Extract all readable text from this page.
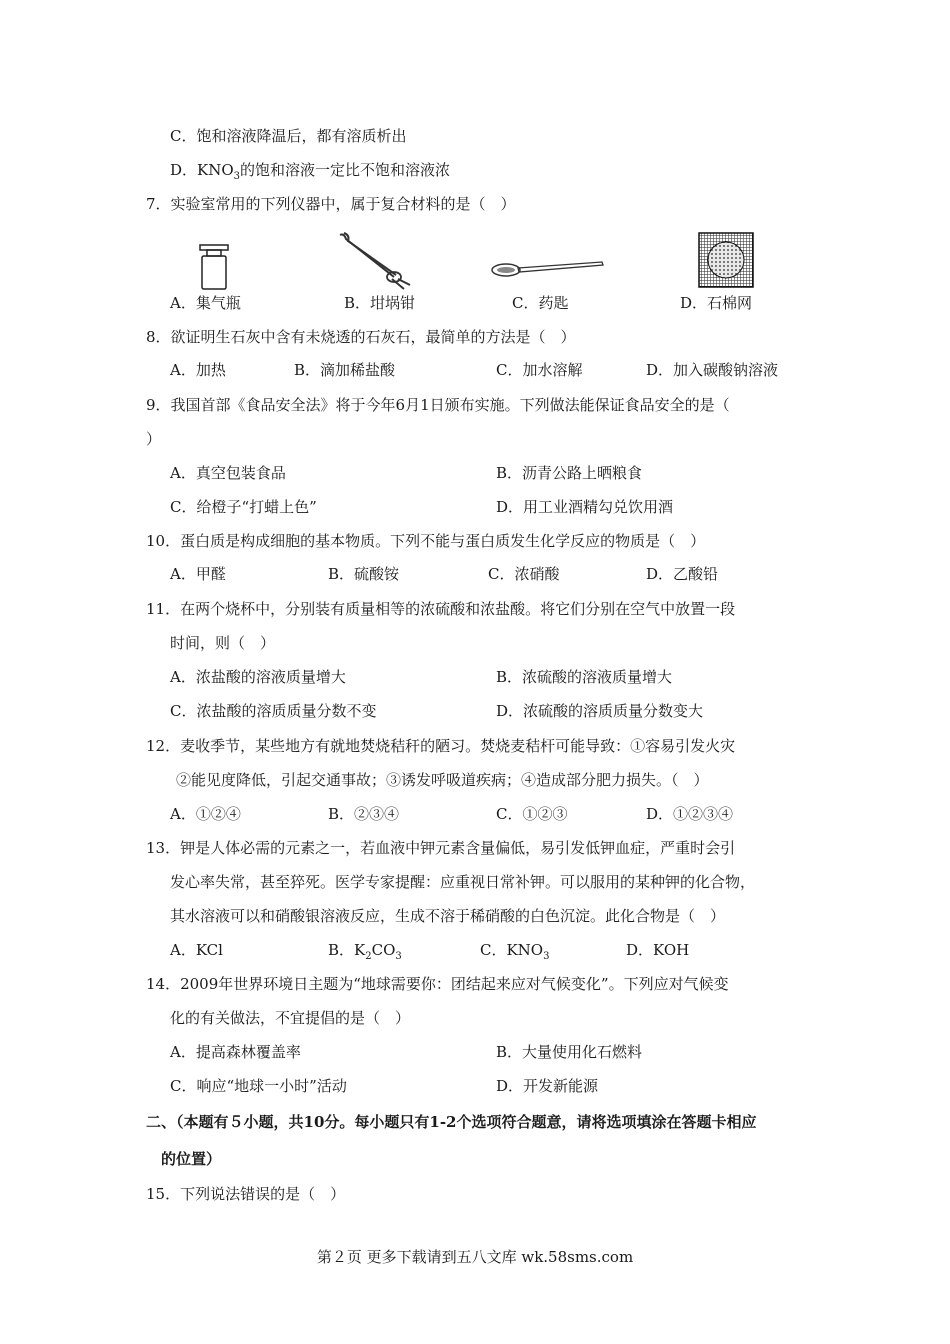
C．饱和溶液降温后，都有溶质析出
D．$KNO_3$的饱和溶液一定比不饱和溶液浓
7．实验室常用的下列仪器中，属于复合材料的是（　）
A．集气瓶	B．坩埚钳	C．药匙	D．石棉网
8．欲证明生石灰中含有未烧透的石灰石，最简单的方法是（　）
A．加热	B．滴加稀盐酸	C．加水溶解	D．加入碳酸钠溶液
9．我国首部《食品安全法》将于今年6月1日颁布实施。下列做法能保证食品安全的是（
）
A．真空包装食品	B．沥青公路上晒粮食
C．给橙子“打蜡上色”	D．用工业酒精勾兑饮用酒
10．蛋白质是构成细胞的基本物质。下列不能与蛋白质发生化学反应的物质是（　）
A．甲醛	B．硫酸铵	C．浓硝酸	D．乙酸铅
11．在两个烧杯中，分别装有质量相等的浓硫酸和浓盐酸。将它们分别在空气中放置一段
时间，则（　）
A．浓盐酸的溶液质量增大	B．浓硫酸的溶液质量增大
C．浓盐酸的溶质质量分数不变	D．浓硫酸的溶质质量分数变大
12．麦收季节，某些地方有就地焚烧秸秆的陋习。焚烧麦秸杆可能导致：①容易引发火灾
②能见度降低，引起交通事故；③诱发呼吸道疾病；④造成部分肥力损失。（　）
A．①②④	B．②③④	C．①②③	D．①②③④
13．钾是人体必需的元素之一，若血液中钾元素含量偏低，易引发低钾血症，严重时会引
发心率失常，甚至猝死。医学专家提醒：应重视日常补钾。可以服用的某种钾的化合物，
其水溶液可以和硝酸银溶液反应，生成不溶于稀硝酸的白色沉淀。此化合物是（　）
A．KCl	B．$K_2CO_3$	C．$KNO_3$	D．KOH
14．2009年世界环境日主题为“地球需要你：团结起来应对气候变化”。下列应对气候变
化的有关做法，不宜提倡的是（　）
A．提高森林覆盖率	B．大量使用化石燃料
C．响应“地球一小时”活动	D．开发新能源
二、（本题有５小题，共10分。每小题只有1-2个选项符合题意，请将选项填涂在答题卡相应
的位置）
15．下列说法错误的是（　）
第２页 更多下载请到五八文库 wk.58sms.com
